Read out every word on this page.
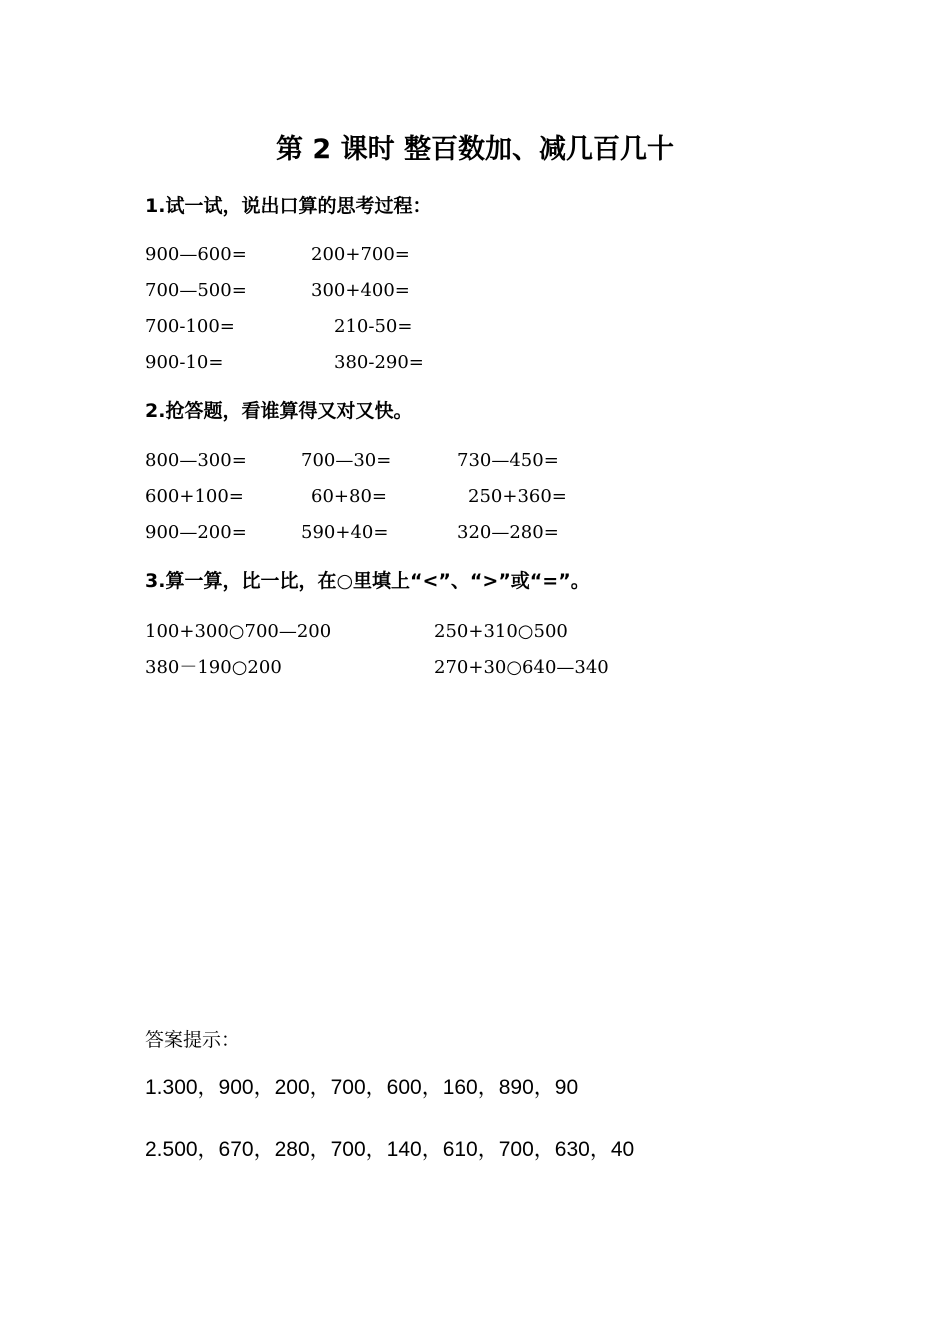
第 2 课时 整百数加、减几百几十
1.试一试，说出口算的思考过程：
900—600=	200+700=
700—500=	300+400=
700-100=	210-50=
900-10=	380-290=
2.抢答题，看谁算得又对又快。
800—300=	700—30=	730—450=
600+100=	60+80=	250+360=
900—200=	590+40=	320—280=
3.算一算，比一比，在○里填上“<”、“>”或“=”。
100+300○700—200	250+310○500
380－190○200	270+30○640—340
答案提示：
1.300，900，200，700，600，160，890，90
2.500，670，280，700，140，610，700，630，40
